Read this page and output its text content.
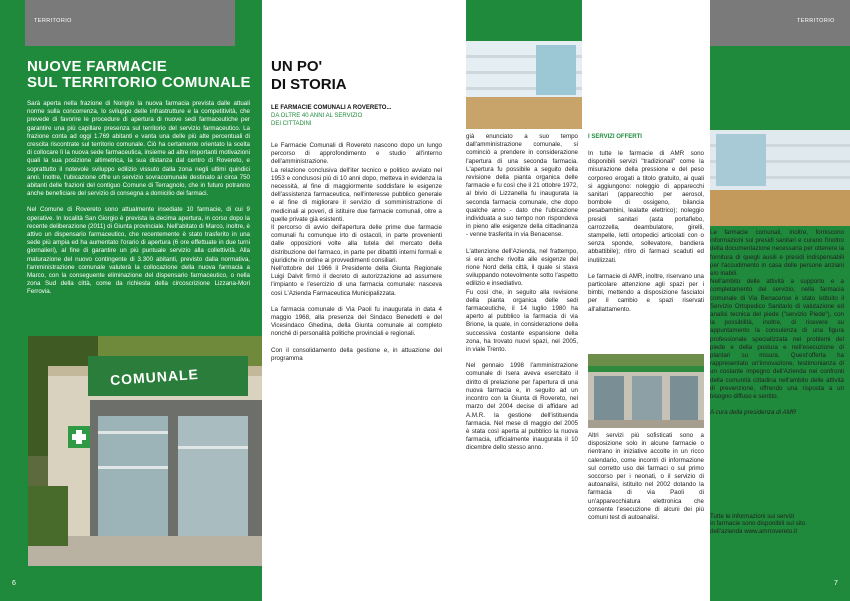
TERRITORIO
NUOVE FARMACIE
SUL TERRITORIO COMUNALE

Sarà aperta nella frazione di Noriglio la nuova farmacia prevista dalle attuali norme sulla concorrenza, lo sviluppo delle infrastrutture e la competitività, che prevede di favorire le procedure di apertura di nuove sedi farmaceutiche per garantire una più capillare presenza sul territorio del servizio farmaceutico. La frazione conta ad oggi 1.769 abitanti e vanta una delle più alte percentuali di crescita riscontrate sul territorio comunale. Ciò ha certamente orientato la scelta di collocare lì la nuova sede farmaceutica, insieme ad altre importanti motivazioni quali la sua posizione altimetrica, la sua distanza dal centro di Rovereto, e soprattutto il notevole sviluppo edilizio vissuto dalla zona negli ultimi quindici anni. Inoltre, l'ubicazione offre un servizio sovracomunale destinato ai circa 750 abitanti delle frazioni del contiguo Comune di Terragnolo, che in futuro potranno anche beneficiare del servizio di consegna a domicilio dei farmaci.

Nel Comune di Rovereto sono attualmente insediate 10 farmacie, di cui 9 operative. In località San Giorgio è prevista la decima apertura, in corso dopo la recente deliberazione (2011) di Giunta provinciale. Nell'abitato di Marco, inoltre, è attivo un dispensario farmaceutico, che recentemente è stato trasferito in una sede più ampia ed ha aumentato l'orario di apertura (6 ore effettuate in due turni giornalieri), al fine di garantire un più puntuale servizio alla collettività. Alla maturazione del nuovo contingente di 3.300 abitanti, previsto dalla normativa, l'amministrazione comunale valuterà la collocazione della nuova farmacia a Marco, con la conseguente eliminazione del dispensario farmaceutico, o nella zona Sud della città, come da richiesta della circoscrizione Lizzana-Mori Ferrovia.

COMUNALE
6
UN PO'
DI STORIA
LE FARMACIE COMUNALI A ROVERETO...
DA OLTRE 40 ANNI AL SERVIZIO
DEI CITTADINI

Le Farmacie Comunali di Rovereto nascono dopo un lungo percorso di approfondimento e studio all'interno dell'amministrazione.

La relazione conclusiva dell'iter tecnico e politico avviato nel 1953 e conclusosi più di 10 anni dopo, metteva in evidenza la necessità, al fine di maggiormente soddisfare le esigenze dell'assistenza farmaceutica, nell'interesse pubblico generale e al fine di migliorare il servizio di somministrazione di medicinali ai poveri, di istituire due farmacie comunali, oltre a quelle private già esistenti.

Il percorso di avvio dell'apertura delle prime due farmacie comunali fu comunque irto di ostacoli, in parte provenienti dalle opposizioni volte alla tutela del mercato della distribuzione del farmaco, in parte per dibattiti interni formali e giuridiche in ordine ai provvedimenti consiliari.

Nell'ottobre del 1966 il Presidente della Giunta Regionale Luigi Dalvit firmò il decreto di autorizzazione ad assumere l'impianto e l'esercizio di una farmacia comunale: nasceva così L'Azienda Farmaceutica Municipalizzata.

La farmacia comunale di Via Paoli fu inaugurata in data 4 maggio 1968, alla presenza del Sindaco Benedetti e del Vicesindaco Ghedina, della Giunta comunale al completo nonché di personalità politiche provinciali e regionali.

Con il consolidamento della gestione e, in attuazione del programma

TERRITORIO

già enunciato a suo tempo dall'amministrazione comunale, si cominciò a prendere in considerazione l'apertura di una seconda farmacia. L'apertura fu possibile a seguito della revisione della pianta organica delle farmacie e fu così che il 21 ottobre 1972, al bivio di Lizzanella fu inaugurata la seconda farmacia comunale, che dopo qualche anno - dato che l'ubicazione individuata a suo tempo non rispondeva in pieno alle esigenze della cittadinanza - venne trasferita in via Benacense.

L'attenzione dell'Azienda, nel frattempo, si era anche rivolta alle esigenze del rione Nord della città, il quale si stava sviluppando notevolmente sotto l'aspetto edilizio e insediativo.

Fu così che, in seguito alla revisione della pianta organica delle sedi farmaceutiche, il 14 luglio 1980 ha aperto al pubblico la farmacia di via Brione, la quale, in considerazione della successiva costante espansione della zona, ha trovato nuovi spazi, nel 2005, in viale Trento.

Nel gennaio 1998 l'amministrazione comunale di Isera aveva esercitato il diritto di prelazione per l'apertura di una nuova farmacia e, in seguito ad un incontro con la Giunta di Rovereto, nel marzo del 2004 decise di affidare ad A.M.R. la gestione dell'istituenda farmacia. Nel mese di maggio del 2005 è stata così aperta al pubblico la nuova farmacia, ufficialmente inaugurata il 10 dicembre dello stesso anno.

I SERVIZI OFFERTI

In tutte le farmacie di AMR sono disponibili servizi "tradizionali" come la misurazione della pressione e del peso corporeo erogati a titolo gratuito, ai quali si aggiungono: noleggio di apparecchi sanitari (apparecchio per aerosol, bombole di ossigeno, bilancia pesabambini, lealatte elettrico); noleggio presidi sanitari (asta portaflebo, carrozzella, deambulatore, girelli, stampelle, letti ortopedici articolati con o senza sponde, sollevatore, bandiera abbattibile); ritiro di farmaci scaduti ed inutilizzati.

Le farmacie di AMR, inoltre, riservano una particolare attenzione agli spazi per i bimbi, mettendo a disposizione fasciatoi per il cambio e spazi riservati all'allattamento.

Altri servizi più sofisticati sono a disposizione solo in alcune farmacie o rientrano in iniziative accolte in un ricco calendario, come incontri di informazione sul corretto uso dei farmaci o sul primo soccorso per i neonati, o il servizio di autoanalisi, istituito nel 2002 dotando la farmacia di via Paoli di un'apparecchiatura elettronica che consente l'esecuzione di alcuni dei più comuni test di autoanalisi.

Le farmacie comunali, inoltre, forniscono informazioni sui presidi sanitari e curano l'inoltro della documentazione necessaria per ottenere la fornitura di quegli ausili e presidi indispensabili per l'accudimento in casa delle persone anziani e/o inabili.

Nell'ambito delle attività a supporto e a completamento del servizio, nella farmacia comunale di Via Benacense è stato istituito il Servizio Ortopedico Sanitario di valutazione ed analisi tecnica del piede ("servizio Piede"), con la possibilità, inoltre, di ricevere su appuntamento la consulenza di una figura professionale specializzata nei problemi del piede e della postura e nell'esecuzione di plantari su misura. Quest'offerta ha rappresentato un'innovazione, testimonianza di un costante impegno dell'Azienda nei confronti della comunità cittadina nell'ambito delle attività di prevenzione, offrendo una risposta a un bisogno diffuso e sentito.

A cura della presidenza di AMR

Tutte le informazioni sui servizi
in farmacie sono disponibili sul sito
dell'azienda www.amrrovereto.it
7
